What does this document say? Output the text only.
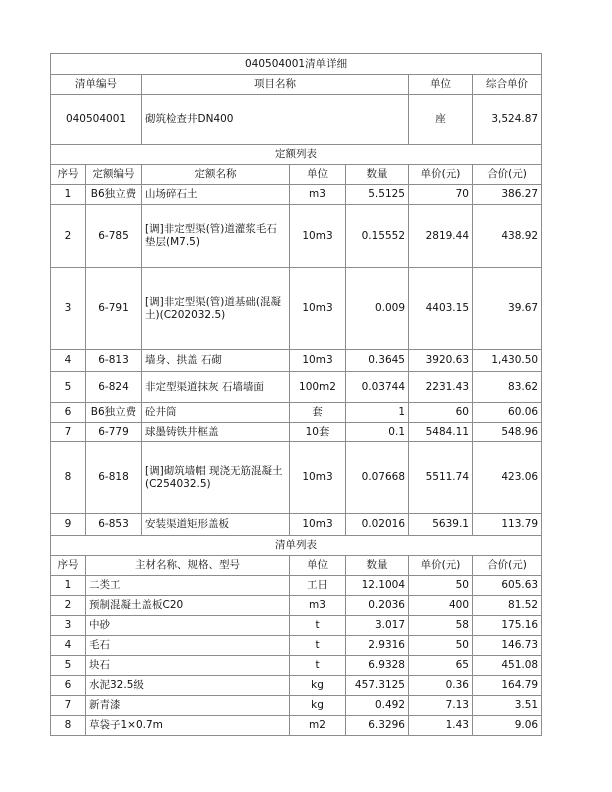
040504001清单详细						
清单编号		项目名称			单位	综合单价
040504001		砌筑检查井DN400			座	3,524.87
定额列表						
序号	定额编号	定额名称	单位	数量	单价(元)	合价(元)
1	B6独立费	山场碎石土	m3	5.5125	70	386.27
2	6-785	[调]非定型渠(管)道灌浆毛石垫层(M7.5)	10m3	0.15552	2819.44	438.92
3	6-791	[调]非定型渠(管)道基础(混凝土)(C202032.5)	10m3	0.009	4403.15	39.67
4	6-813	墙身、拱盖 石砌	10m3	0.3645	3920.63	1,430.50
5	6-824	非定型渠道抹灰 石墙墙面	100m2	0.03744	2231.43	83.62
6	B6独立费	砼井筒	套	1	60	60.06
7	6-779	球墨铸铁井框盖	10套	0.1	5484.11	548.96
8	6-818	[调]砌筑墙帽 现浇无筋混凝土(C254032.5)	10m3	0.07668	5511.74	423.06
9	6-853	安装渠道矩形盖板	10m3	0.02016	5639.1	113.79
清单列表						
序号	主材名称、规格、型号		单位	数量	单价(元)	合价(元)
1	二类工		工日	12.1004	50	605.63
2	预制混凝土盖板C20		m3	0.2036	400	81.52
3	中砂		t	3.017	58	175.16
4	毛石		t	2.9316	50	146.73
5	块石		t	6.9328	65	451.08
6	水泥32.5级		kg	457.3125	0.36	164.79
7	新青漆		kg	0.492	7.13	3.51
8	草袋子1×0.7m		m2	6.3296	1.43	9.06
